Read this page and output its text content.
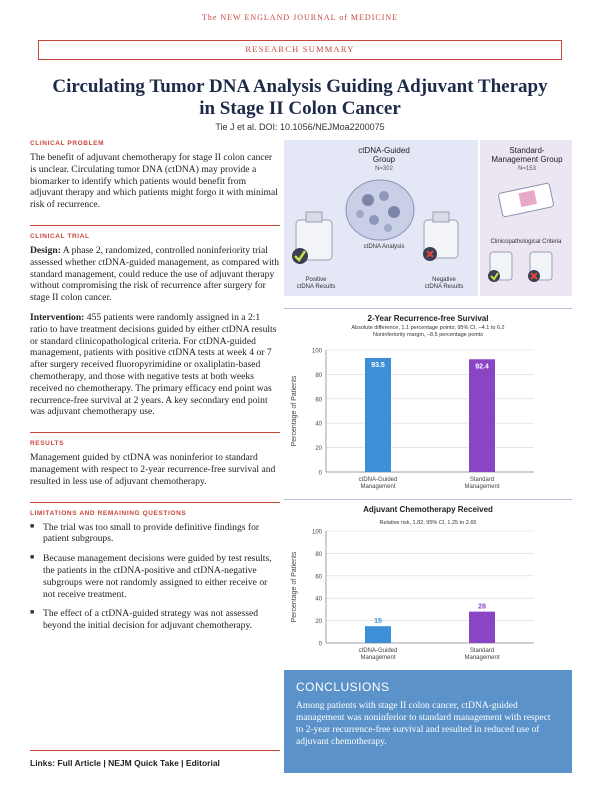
The NEW ENGLAND JOURNAL of MEDICINE
RESEARCH SUMMARY
Circulating Tumor DNA Analysis Guiding Adjuvant Therapy
in Stage II Colon Cancer
Tie J et al. DOI: 10.1056/NEJMoa2200075
CLINICAL PROBLEM
The benefit of adjuvant chemotherapy for stage II colon cancer is unclear. Circulating tumor DNA (ctDNA) may provide a biomarker to identify which patients would benefit from adjuvant therapy and which patients might forgo it with minimal risk of recurrence.
CLINICAL TRIAL
Design: A phase 2, randomized, controlled noninferiority trial assessed whether ctDNA-guided management, as compared with standard management, could reduce the use of adjuvant therapy without compromising the risk of recurrence after surgery for stage II colon cancer.
Intervention: 455 patients were randomly assigned in a 2:1 ratio to have treatment decisions guided by either ctDNA results or standard clinicopathological criteria. For ctDNA-guided management, patients with positive ctDNA tests at week 4 or 7 after surgery received fluoropyrimidine or oxaliplatin-based chemotherapy, and those with negative tests at both weeks received no chemotherapy. The primary efficacy end point was recurrence-free survival at 2 years. A key secondary end point was adjuvant chemotherapy use.
RESULTS
Management guided by ctDNA was noninferior to standard management with respect to 2-year recurrence-free survival and resulted in less use of adjuvant chemotherapy.
LIMITATIONS AND REMAINING QUESTIONS
■ The trial was too small to provide definitive findings for patient subgroups.
■ Because management decisions were guided by test results, the patients in the ctDNA-positive and ctDNA-negative subgroups were not randomly assigned to either receive or not receive treatment.
■ The effect of a ctDNA-guided strategy was not assessed beyond the initial decision for adjuvant chemotherapy.
Links: Full Article | NEJM Quick Take | Editorial
ctDNA-Guided
Group
N=302
Standard-
Management Group
N=153
ctDNA Analysis
Clinicopathological Criteria
Positive
ctDNA Results
Negative
ctDNA Results
2-Year Recurrence-free Survival
Absolute difference, 1.1 percentage points; 95% CI, −4.1 to 6.2
Noninferiority margin, −8.5 percentage points
Percentage of Patients
0
20
40
60
80
100
93.5
ctDNA-Guided
Management
92.4
Standard
Management
Adjuvant Chemotherapy Received
Relative risk, 1.82; 95% CI, 1.25 to 2.65
Percentage of Patients
0
20
40
60
80
100
15
ctDNA-Guided
Management
28
Standard
Management
CONCLUSIONS
Among patients with stage II colon cancer, ctDNA-guided management was noninferior to standard management with respect to 2-year recurrence-free survival and resulted in reduced use of adjuvant chemotherapy.
